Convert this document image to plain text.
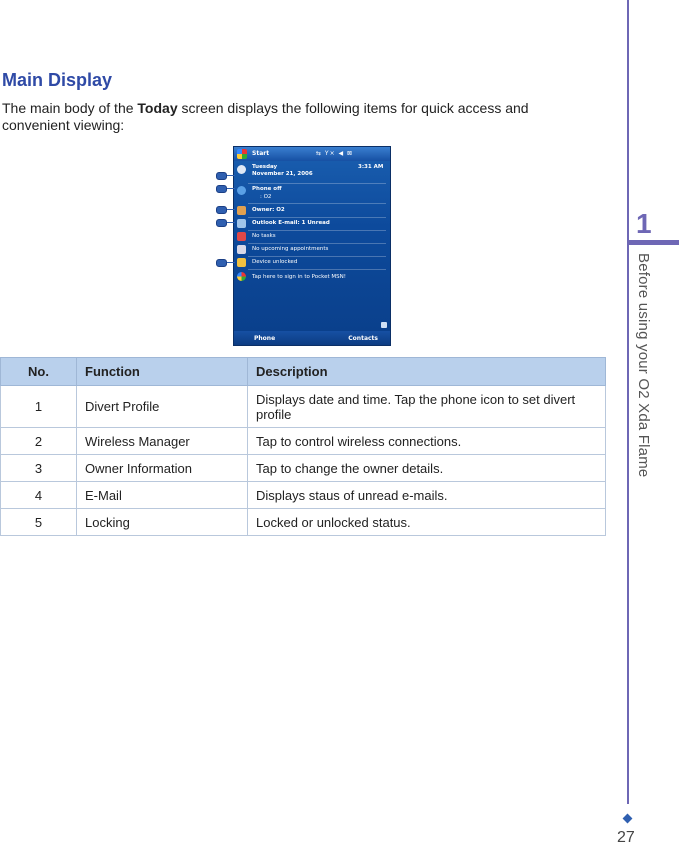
Main Display
The main body of the Today screen displays the following items for quick access and convenient viewing:
Start	⇆ Y× ◀ ⊠
Tuesday
November 21, 2006
3:31 AM
Phone off
: O2
Owner: O2
Outlook E-mail: 1 Unread
No tasks
No upcoming appointments
Device unlocked
Tap here to sign in to Pocket MSN!
Phone	Contacts
No.	Function	Description
1	Divert Profile	Displays date and time. Tap the phone icon to set divert profile
2	Wireless Manager	Tap to control wireless connections.
3	Owner Information	Tap to change the owner details.
4	E-Mail	Displays staus of unread e-mails.
5	Locking	Locked or unlocked status.
1
Before using your O2 Xda Flame
27
